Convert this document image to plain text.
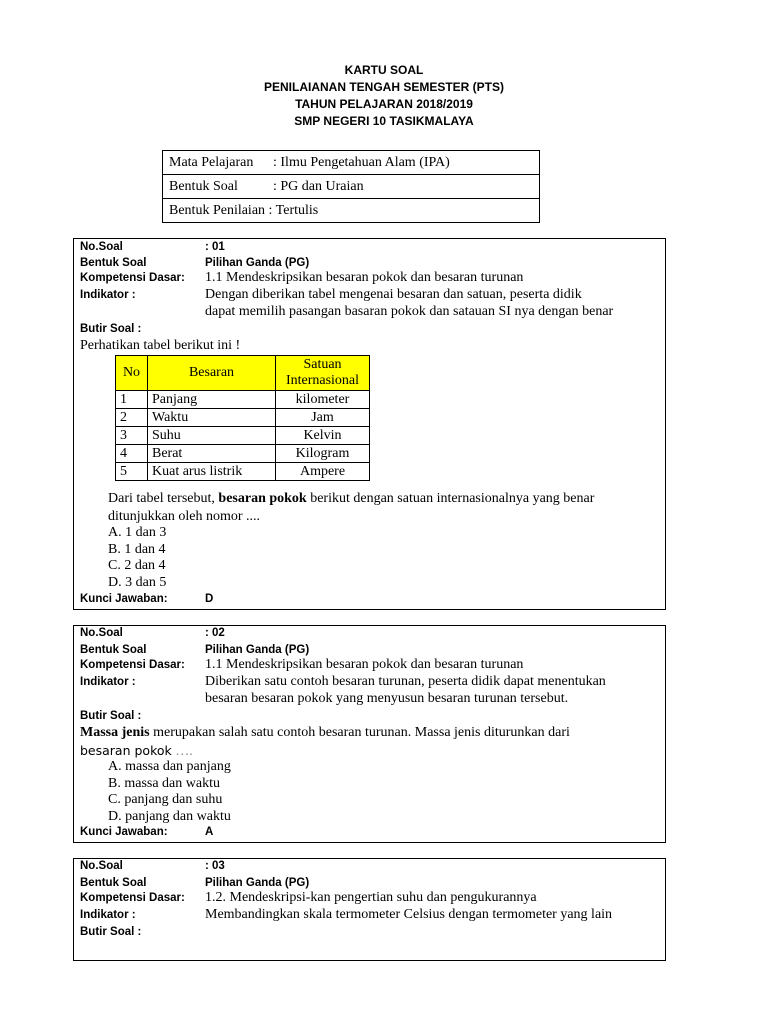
KARTU SOAL
PENILAIANAN TENGAH SEMESTER (PTS)
TAHUN PELAJARAN 2018/2019
SMP NEGERI 10 TASIKMALAYA
Mata Pelajaran : Ilmu Pengetahuan Alam (IPA)
Bentuk Soal	: PG dan Uraian
Bentuk Penilaian : Tertulis
No.Soal	: 01
Bentuk Soal	Pilihan Ganda (PG)
Kompetensi Dasar: 1.1 Mendeskripsikan besaran pokok dan besaran turunan
Indikator :	Dengan diberikan tabel mengenai besaran dan satuan, peserta didik
dapat memilih pasangan basaran pokok dan satauan SI nya dengan benar
Butir Soal :
Perhatikan tabel berikut ini !
No	Besaran	Satuan Internasional
1	Panjang	kilometer
2	Waktu	Jam
3	Suhu	Kelvin
4	Berat	Kilogram
5	Kuat arus listrik	Ampere
Dari tabel tersebut, besaran pokok berikut dengan satuan internasionalnya yang benar
ditunjukkan oleh nomor ....
A. 1 dan 3
B. 1 dan 4
C. 2 dan 4
D. 3 dan 5
Kunci Jawaban:	D
No.Soal	: 02
Bentuk Soal	Pilihan Ganda (PG)
Kompetensi Dasar: 1.1 Mendeskripsikan besaran pokok dan besaran turunan
Indikator :	Diberikan satu contoh besaran turunan, peserta didik dapat menentukan
besaran besaran pokok yang menyusun besaran turunan tersebut.
Butir Soal :
Massa jenis merupakan salah satu contoh besaran turunan. Massa jenis diturunkan dari
besaran pokok ….
A. massa dan panjang
B. massa dan waktu
C. panjang dan suhu
D. panjang dan waktu
Kunci Jawaban:	A
No.Soal	: 03
Bentuk Soal	Pilihan Ganda (PG)
Kompetensi Dasar: 1.2. Mendeskripsi-kan pengertian suhu dan pengukurannya
Indikator :	Membandingkan skala termometer Celsius dengan termometer yang lain
Butir Soal :
